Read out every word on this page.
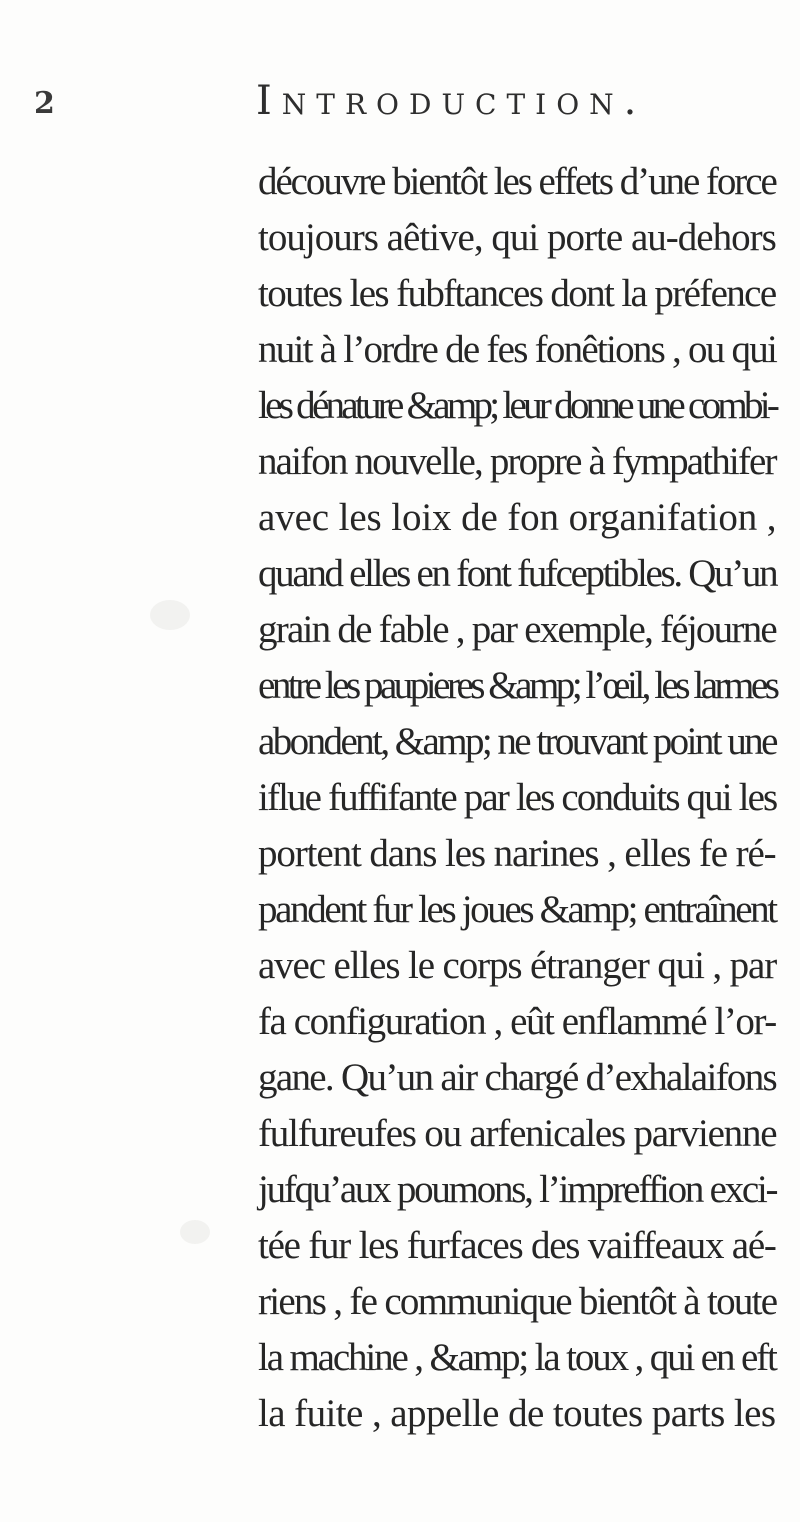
2	Introduction.
découvre bientôt les effets d’une force
toujours aêtive, qui porte au-dehors
toutes les fubftances dont la préfence
nuit à l’ordre de fes fonêtions , ou qui
les dénature &amp; leur donne une combi-
naifon nouvelle, propre à fympathifer
avec les loix de fon organifation ,
quand elles en font fufceptibles. Qu’un
grain de fable , par exemple, féjourne
entre les paupieres &amp; l’œil, les larmes
abondent, &amp; ne trouvant point une
iflue fuffifante par les conduits qui les
portent dans les narines , elles fe ré-
pandent fur les joues &amp; entraînent
avec elles le corps étranger qui , par
fa configuration , eût enflammé l’or-
gane. Qu’un air chargé d’exhalaifons
fulfureufes ou arfenicales parvienne
jufqu’aux poumons, l’impreffion exci-
tée fur les furfaces des vaiffeaux aé-
riens , fe communique bientôt à toute
la machine , &amp; la toux , qui en eft
la fuite , appelle de toutes parts les
